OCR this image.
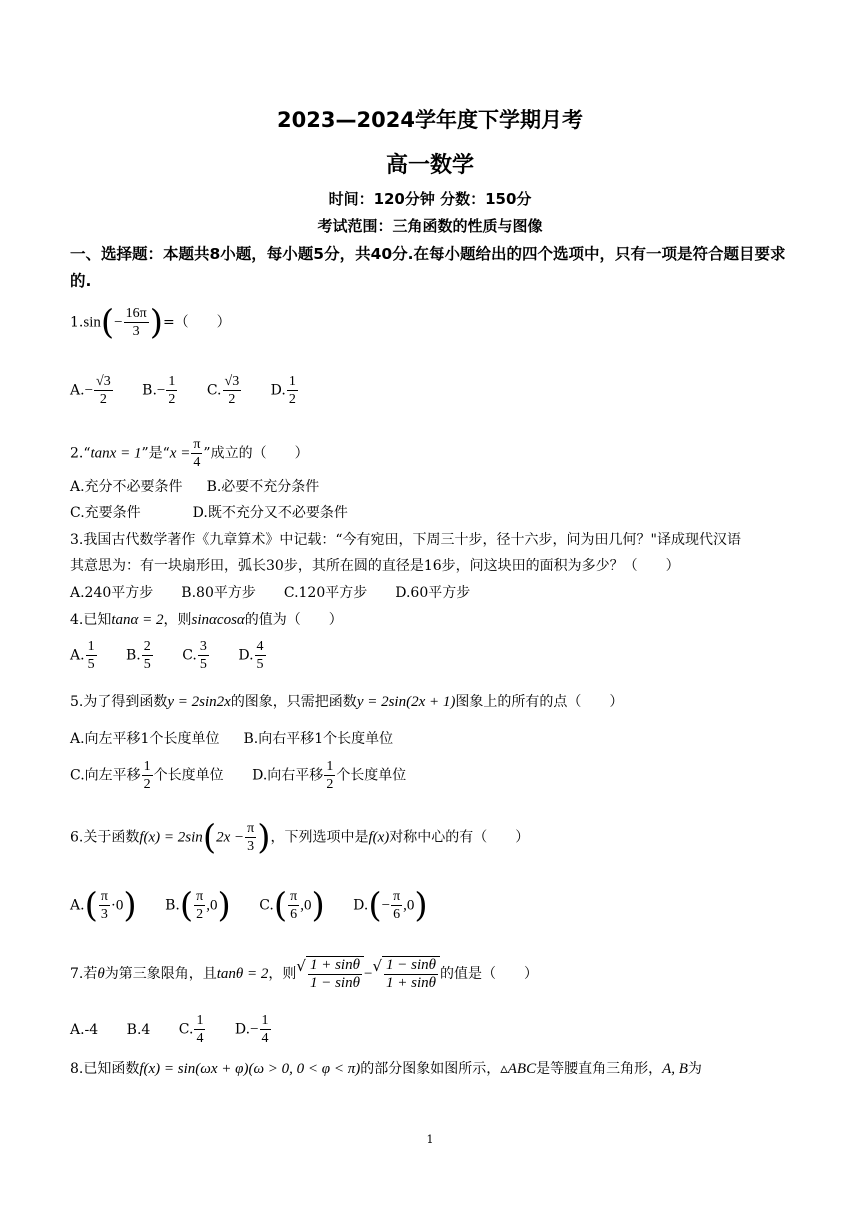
2023—2024学年度下学期月考
高一数学
时间：120分钟 分数：150分
考试范围：三角函数的性质与图像
一、选择题：本题共8小题，每小题5分，共40分.在每小题给出的四个选项中，只有一项是符合题目要求的.
$1.\sin(- \frac{16\pi}{3}$ )=（　　）
$A.- \frac{√3}{2} B.- \frac{1}{2} C$. $\frac{√3}{2} D$. $\frac{1}{2}$
2.“tanx = 1”是“$x = \frac{\pi}{4}$ ”成立的（　　）
A.充分不必要条件 B.必要不充分条件
C.充要条件	D.既不充分又不必要条件
3.我国古代数学著作《九章算术》中记载：“今有宛田，下周三十步，径十六步，问为田几何？"译成现代汉语
其意思为：有一块扇形田，弧长30步，其所在圆的直径是16步，问这块田的面积为多少？（　　）
A.240平方步 B.80平方步 C.120平方步 D.60平方步
4.已知tanα = 2，则sinαcosα的值为（　　）
A. $\frac{1}{5} B$. $\frac{2}{5} C$. $\frac{3}{5} D$. $\frac{4}{5}$
5.为了得到函数y = 2sin2x的图象，只需把函数y = 2sin(2x + 1)图象上的所有的点（　　）
A.向左平移1个长度单位 B.向右平移1个长度单位
C.向左平移 $\frac{1}{2}$ 个长度单位 D.向右平移 $\frac{1}{2}$ 个长度单位
6.关于函数$f(x) = 2\sin(2x - \frac{\pi}{3}$ )，下列选项中是f(x)对称中心的有（　　）
$A.( \frac{\pi}{3} \cdot 0)$ $B.( \frac{\pi}{2} ,0)$ $C.( \frac{\pi}{6} ,0)$ $D.(- \frac{\pi}{6} ,0)$
7.若θ为第三象限角，且tanθ = 2，则 √ $\frac{1 + \sin\theta}{1 - \sin\theta}$ − √ $\frac{1 - \sin\theta}{1 + \sin\theta}$ 的值是（　　）
A.-4 B.4 C. $\frac{1}{4} D.- \frac{1}{4}$
8.已知函数f(x) = sin(ωx + φ)(ω > 0, 0 < φ < π)的部分图象如图所示，▵ABC是等腰直角三角形，A, B为
1
